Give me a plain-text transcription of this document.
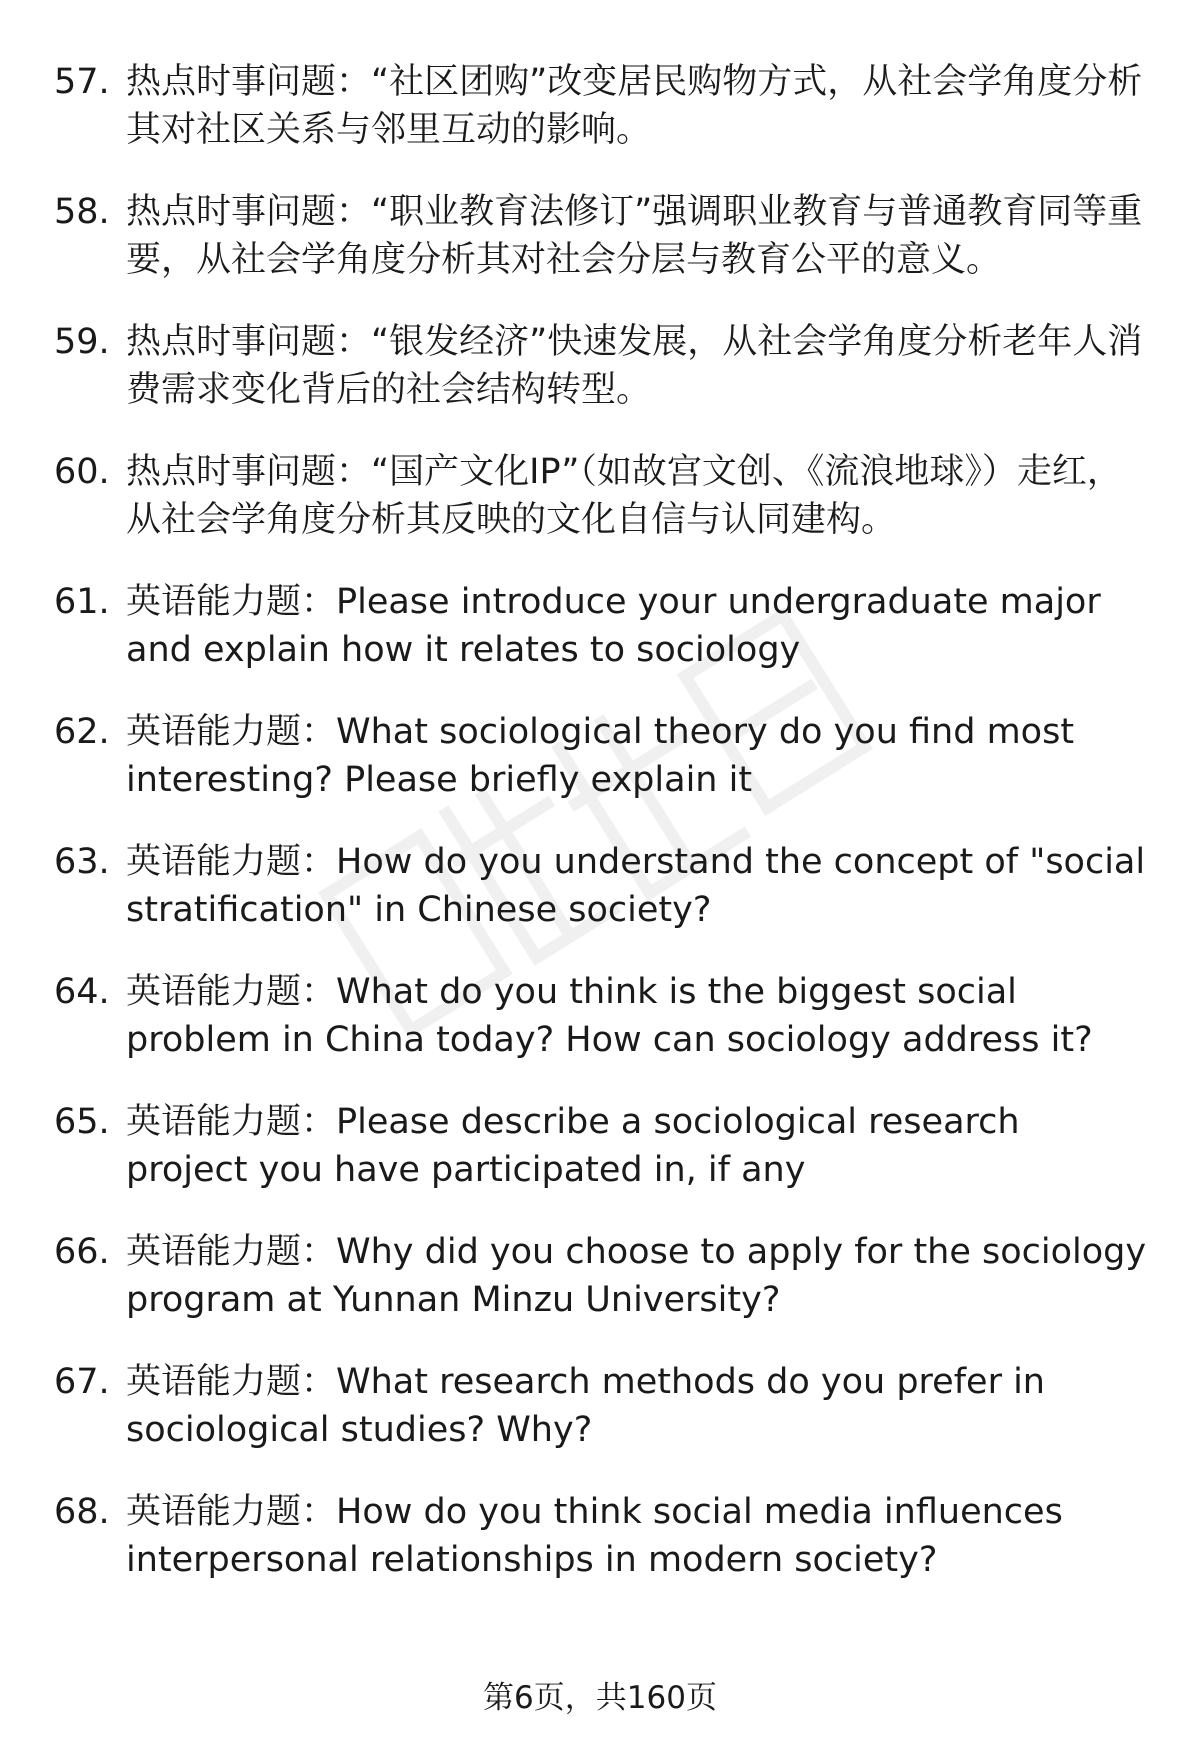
57. 热点时事问题：“社区团购”改变居民购物方式，从社会学角度分析其对社区关系与邻里互动的影响。
58. 热点时事问题：“职业教育法修订”强调职业教育与普通教育同等重要，从社会学角度分析其对社会分层与教育公平的意义。
59. 热点时事问题：“银发经济”快速发展，从社会学角度分析老年人消费需求变化背后的社会结构转型。
60. 热点时事问题：“国产文化IP”（如故宫文创、《流浪地球》）走红，从社会学角度分析其反映的文化自信与认同建构。
61. 英语能力题：Please introduce your undergraduate major and explain how it relates to sociology
62. 英语能力题：What sociological theory do you find most interesting? Please briefly explain it
63. 英语能力题：How do you understand the concept of "social stratification" in Chinese society?
64. 英语能力题：What do you think is the biggest social problem in China today? How can sociology address it?
65. 英语能力题：Please describe a sociological research project you have participated in, if any
66. 英语能力题：Why did you choose to apply for the sociology program at Yunnan Minzu University?
67. 英语能力题：What research methods do you prefer in sociological studies? Why?
68. 英语能力题：How do you think social media influences interpersonal relationships in modern society?
第6页，共160页
